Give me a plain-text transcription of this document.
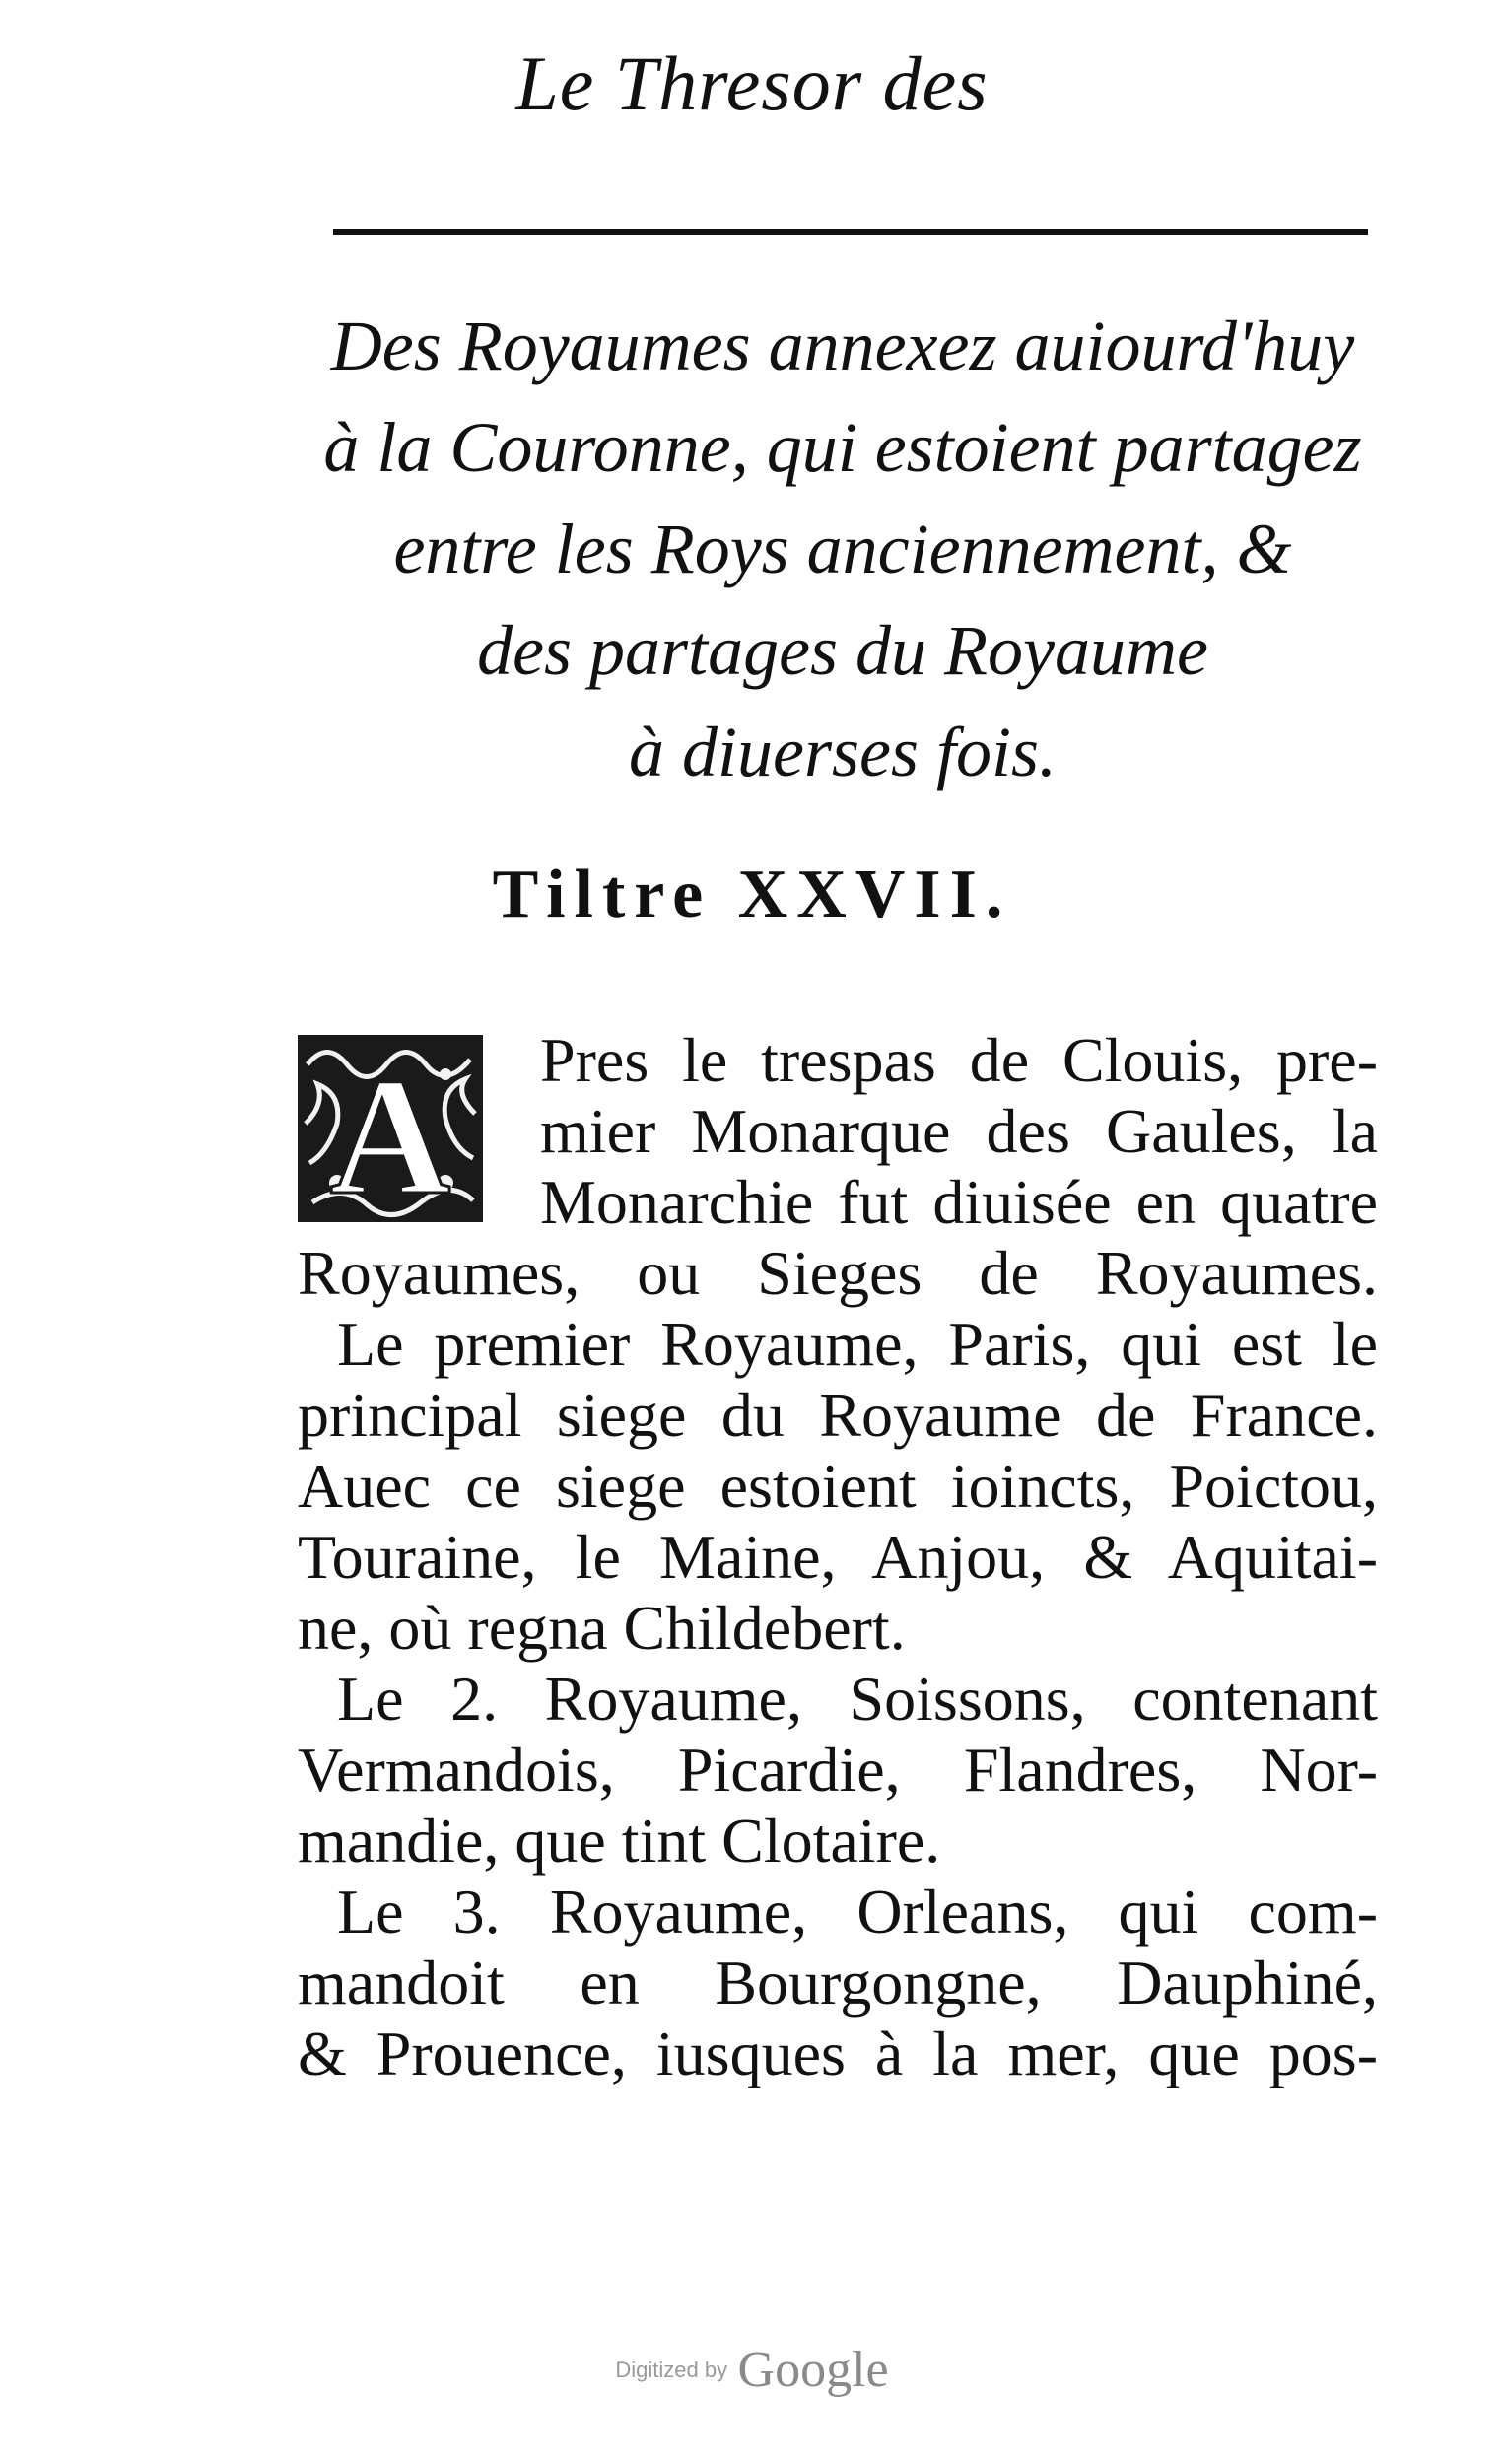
Le Thresor des
Des Royaumes annexez auiourd'huy
à la Couronne, qui estoient partagez
entre les Roys anciennement, &
des partages du Royaume
à diuerses fois.
Tiltre XXVII.
A	Pres le trespas de Clouis, pre-
mier Monarque des Gaules, la
Monarchie fut diuisée en quatre
Royaumes, ou Sieges de Royaumes.
Le premier Royaume, Paris, qui est le
principal siege du Royaume de France.
Auec ce siege estoient ioincts, Poictou,
Touraine, le Maine, Anjou, & Aquitai-
ne, où regna Childebert.
Le 2. Royaume, Soissons, contenant
Vermandois, Picardie, Flandres, Nor-
mandie, que tint Clotaire.
Le 3. Royaume, Orleans, qui com-
mandoit en Bourgongne, Dauphiné,
& Prouence, iusques à la mer, que pos-
Digitized by Google
